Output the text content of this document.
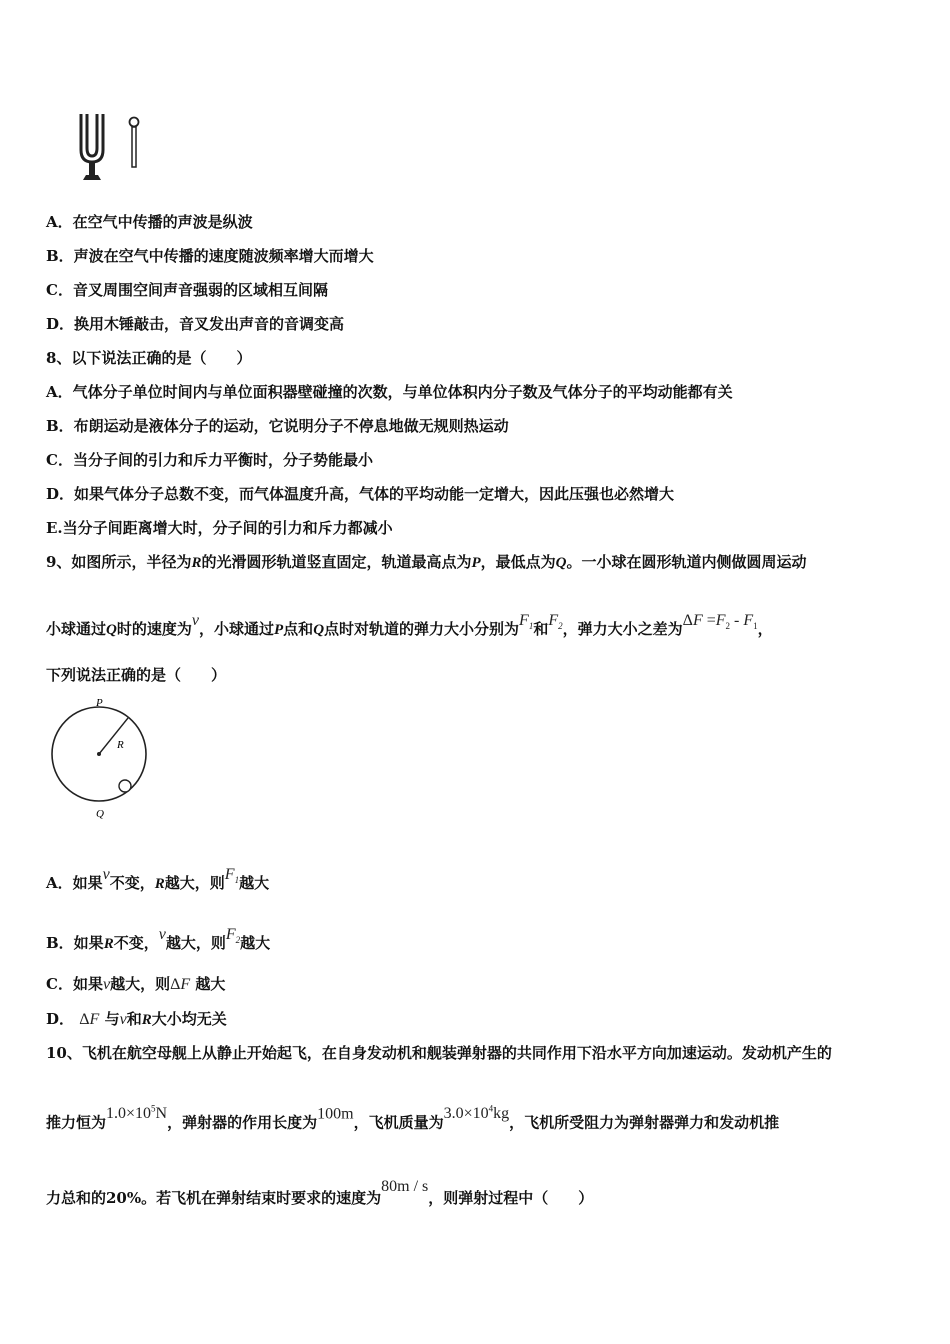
A．在空气中传播的声波是纵波
B．声波在空气中传播的速度随波频率增大而增大
C．音叉周围空间声音强弱的区域相互间隔
D．换用木锤敲击，音叉发出声音的音调变高
8、以下说法正确的是（　　）
A．气体分子单位时间内与单位面积器壁碰撞的次数，与单位体积内分子数及气体分子的平均动能都有关
B．布朗运动是液体分子的运动，它说明分子不停息地做无规则热运动
C．当分子间的引力和斥力平衡时，分子势能最小
D．如果气体分子总数不变，而气体温度升高，气体的平均动能一定增大，因此压强也必然增大
E.当分子间距离增大时，分子间的引力和斥力都减小
9、如图所示，半径为R的光滑圆形轨道竖直固定，轨道最高点为P，最低点为Q。一小球在圆形轨道内侧做圆周运动
小球通过Q时的速度为v，小球通过P点和Q点时对轨道的弹力大小分别为$F_1$和$F_2$，弹力大小之差为$\Delta F =F_2 - F_1$，
下列说法正确的是（　　）
P
R
Q
A．如果v不变，R越大，则$F_1$越大
B．如果R不变，v越大，则$F_2$越大
C．如果v越大，则ΔF 越大
D． ΔF 与v和R大小均无关
10、飞机在航空母舰上从静止开始起飞，在自身发动机和舰装弹射器的共同作用下沿水平方向加速运动。发动机产生的
推力恒为$1.0\times 10^5N$，弹射器的作用长度为100m，飞机质量为$3.0\times 10^4kg$，飞机所受阻力为弹射器弹力和发动机推
力总和的20%。若飞机在弹射结束时要求的速度为80m / s，则弹射过程中（　　）
